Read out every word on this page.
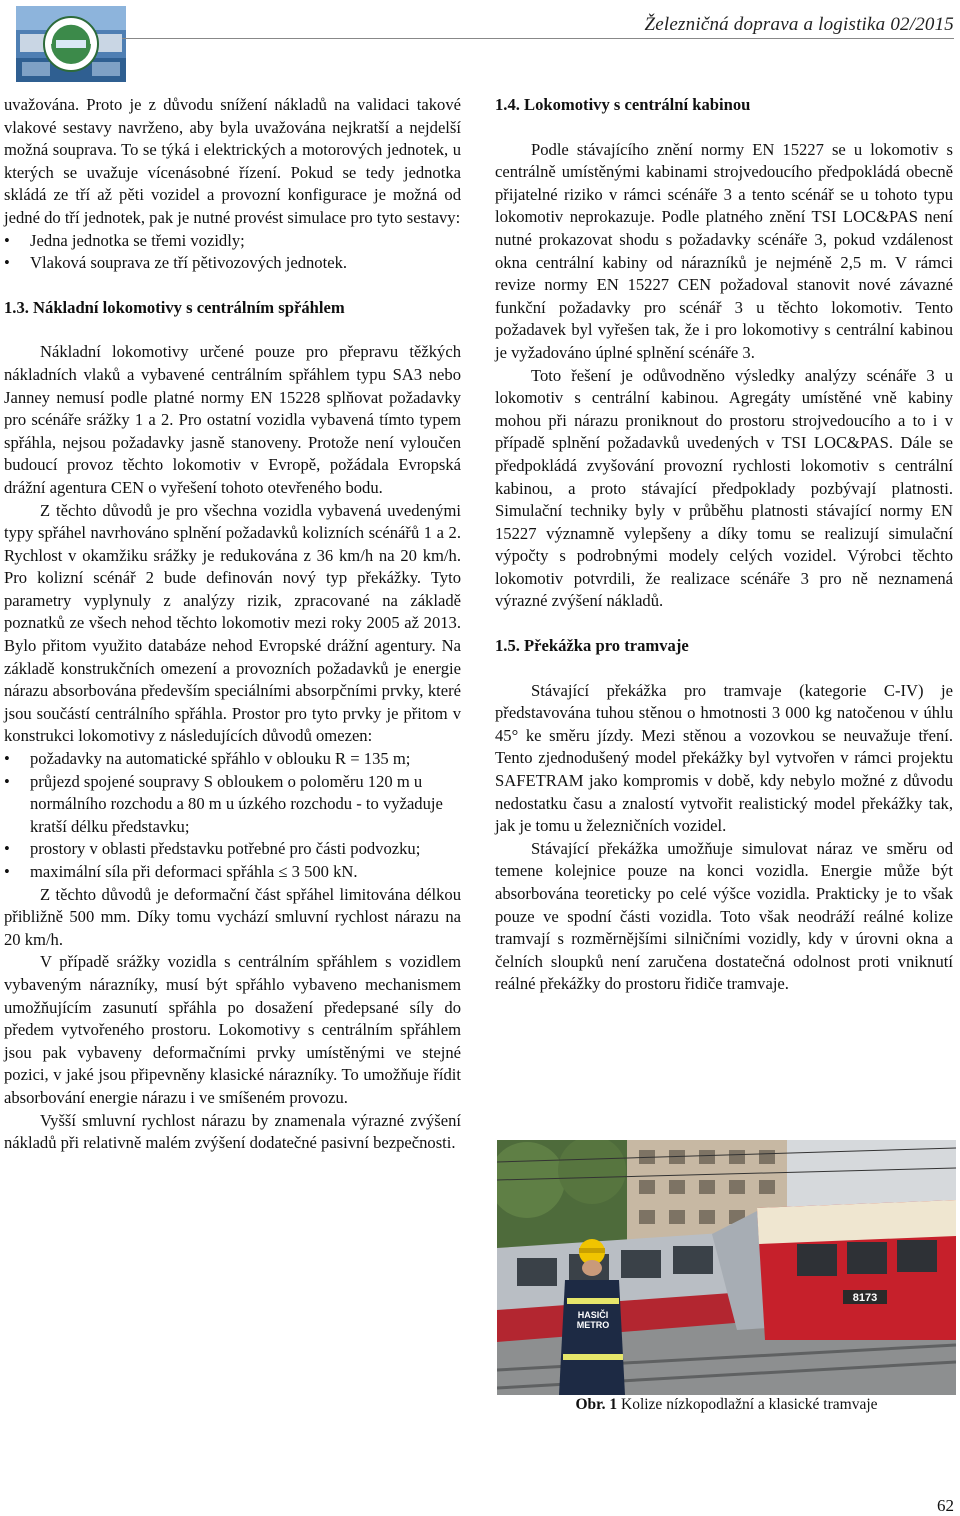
Železničná doprava a logistika 02/2015

uvažována. Proto je z důvodu snížení nákladů na validaci takové vlakové sestavy navrženo, aby byla uvažována nejkratší a nejdelší možná souprava. To se týká i elektrických a motorových jednotek, u kterých se uvažuje vícenásobné řízení. Pokud se tedy jednotka skládá ze tří až pěti vozidel a provozní konfigurace je možná od jedné do tří jednotek, pak je nutné provést simulace pro tyto sestavy:

• Jedna jednotka se třemi vozidly;
• Vlaková souprava ze tří pětivozových jednotek.
1.3. Nákladní lokomotivy s centrálním spřáhlem

Nákladní lokomotivy určené pouze pro přepravu těžkých nákladních vlaků a vybavené centrálním spřáhlem typu SA3 nebo Janney nemusí podle platné normy EN 15228 splňovat požadavky pro scénáře srážky 1 a 2. Pro ostatní vozidla vybavená tímto typem spřáhla, nejsou požadavky jasně stanoveny. Protože není vyloučen budoucí provoz těchto lokomotiv v Evropě, požádala Evropská drážní agentura CEN o vyřešení tohoto otevřeného bodu.

Z těchto důvodů je pro všechna vozidla vybavená uvedenými typy spřáhel navrhováno splnění požadavků kolizních scénářů 1 a 2. Rychlost v okamžiku srážky je redukována z 36 km/h na 20 km/h. Pro kolizní scénář 2 bude definován nový typ překážky. Tyto parametry vyplynuly z analýzy rizik, zpracované na základě poznatků ze všech nehod těchto lokomotiv mezi roky 2005 až 2013. Bylo přitom využito databáze nehod Evropské drážní agentury. Na základě konstrukčních omezení a provozních požadavků je energie nárazu absorbována především speciálními absorpčními prvky, které jsou součástí centrálního spřáhla. Prostor pro tyto prvky je přitom v konstrukci lokomotivy z následujících důvodů omezen:

• požadavky na automatické spřáhlo v oblouku R = 135 m;
• průjezd spojené soupravy S obloukem o poloměru 120 m u normálního rozchodu a 80 m u úzkého rozchodu - to vyžaduje kratší délku představku;
• prostory v oblasti představku potřebné pro části podvozku;
• maximální síla při deformaci spřáhla ≤ 3 500 kN.

Z těchto důvodů je deformační část spřáhel limitována délkou přibližně 500 mm. Díky tomu vychází smluvní rychlost nárazu na 20 km/h.

V případě srážky vozidla s centrálním spřáhlem s vozidlem vybaveným nárazníky, musí být spřáhlo vybaveno mechanismem umožňujícím zasunutí spřáhla po dosažení předepsané síly do předem vytvořeného prostoru. Lokomotivy s centrálním spřáhlem jsou pak vybaveny deformačními prvky umístěnými ve stejné pozici, v jaké jsou připevněny klasické nárazníky. To umožňuje řídit absorbování energie nárazu i ve smíšeném provozu.

Vyšší smluvní rychlost nárazu by znamenala výrazné zvýšení nákladů při relativně malém zvýšení dodatečné pasivní bezpečnosti.

1.4. Lokomotivy s centrální kabinou

Podle stávajícího znění normy EN 15227 se u lokomotiv s centrálně umístěnými kabinami strojvedoucího předpokládá obecně přijatelné riziko v rámci scénáře 3 a tento scénář se u tohoto typu lokomotiv neprokazuje. Podle platného znění TSI LOC&PAS není nutné prokazovat shodu s požadavky scénáře 3, pokud vzdálenost okna centrální kabiny od nárazníků je nejméně 2,5 m. V rámci revize normy EN 15227 CEN požadoval stanovit nové závazné funkční požadavky pro scénář 3 u těchto lokomotiv. Tento požadavek byl vyřešen tak, že i pro lokomotivy s centrální kabinou je vyžadováno úplné splnění scénáře 3.

Toto řešení je odůvodněno výsledky analýzy scénáře 3 u lokomotiv s centrální kabinou. Agregáty umístěné vně kabiny mohou při nárazu proniknout do prostoru strojvedoucího a to i v případě splnění požadavků uvedených v TSI LOC&PAS. Dále se předpokládá zvyšování provozní rychlosti lokomotiv s centrální kabinou, a proto stávající předpoklady pozbývají platnosti. Simulační techniky byly v průběhu platnosti stávající normy EN 15227 významně vylepšeny a díky tomu se realizují simulační výpočty s podrobnými modely celých vozidel. Výrobci těchto lokomotiv potvrdili, že realizace scénáře 3 pro ně neznamená výrazné zvýšení nákladů.

1.5. Překážka pro tramvaje

Stávající překážka pro tramvaje (kategorie C-IV) je představována tuhou stěnou o hmotnosti 3 000 kg natočenou v úhlu 45° ke směru jízdy. Mezi stěnou a vozovkou se neuvažuje tření. Tento zjednodušený model překážky byl vytvořen v rámci projektu SAFETRAM jako kompromis v době, kdy nebylo možné z důvodu nedostatku času a znalostí vytvořit realistický model překážky tak, jak je tomu u železničních vozidel.

Stávající překážka umožňuje simulovat náraz ve směru od temene kolejnice pouze na konci vozidla. Energie může být absorbována teoreticky po celé výšce vozidla. Prakticky je to však pouze ve spodní části vozidla. Toto však neodráží reálné kolize tramvají s rozměrnějšími silničními vozidly, kdy v úrovni okna a čelních sloupků není zaručena dostatečná odolnost proti vniknutí reálné překážky do prostoru řidiče tramvaje.

8173
HASIČI
METRO
Obr. 1 Kolize nízkopodlažní a klasické tramvaje
62
